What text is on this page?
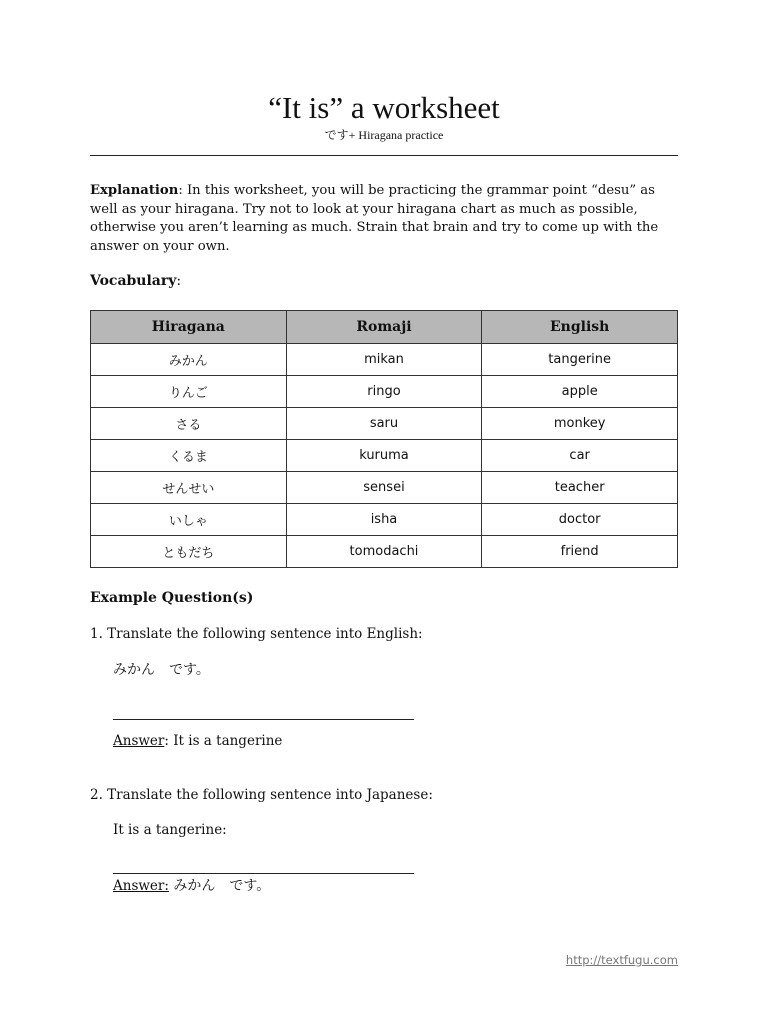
“It is” a worksheet
です+ Hiragana practice
Explanation: In this worksheet, you will be practicing the grammar point “desu” as well as your hiragana. Try not to look at your hiragana chart as much as possible, otherwise you aren’t learning as much. Strain that brain and try to come up with the answer on your own.
Vocabulary:
Hiragana	Romaji	English
みかん	mikan	tangerine
りんご	ringo	apple
さる	saru	monkey
くるま	kuruma	car
せんせい	sensei	teacher
いしゃ	isha	doctor
ともだち	tomodachi	friend
Example Question(s)
1. Translate the following sentence into English:
みかん　です。
Answer: It is a tangerine
2. Translate the following sentence into Japanese:
It is a tangerine:
Answer: みかん　です。
http://textfugu.com
